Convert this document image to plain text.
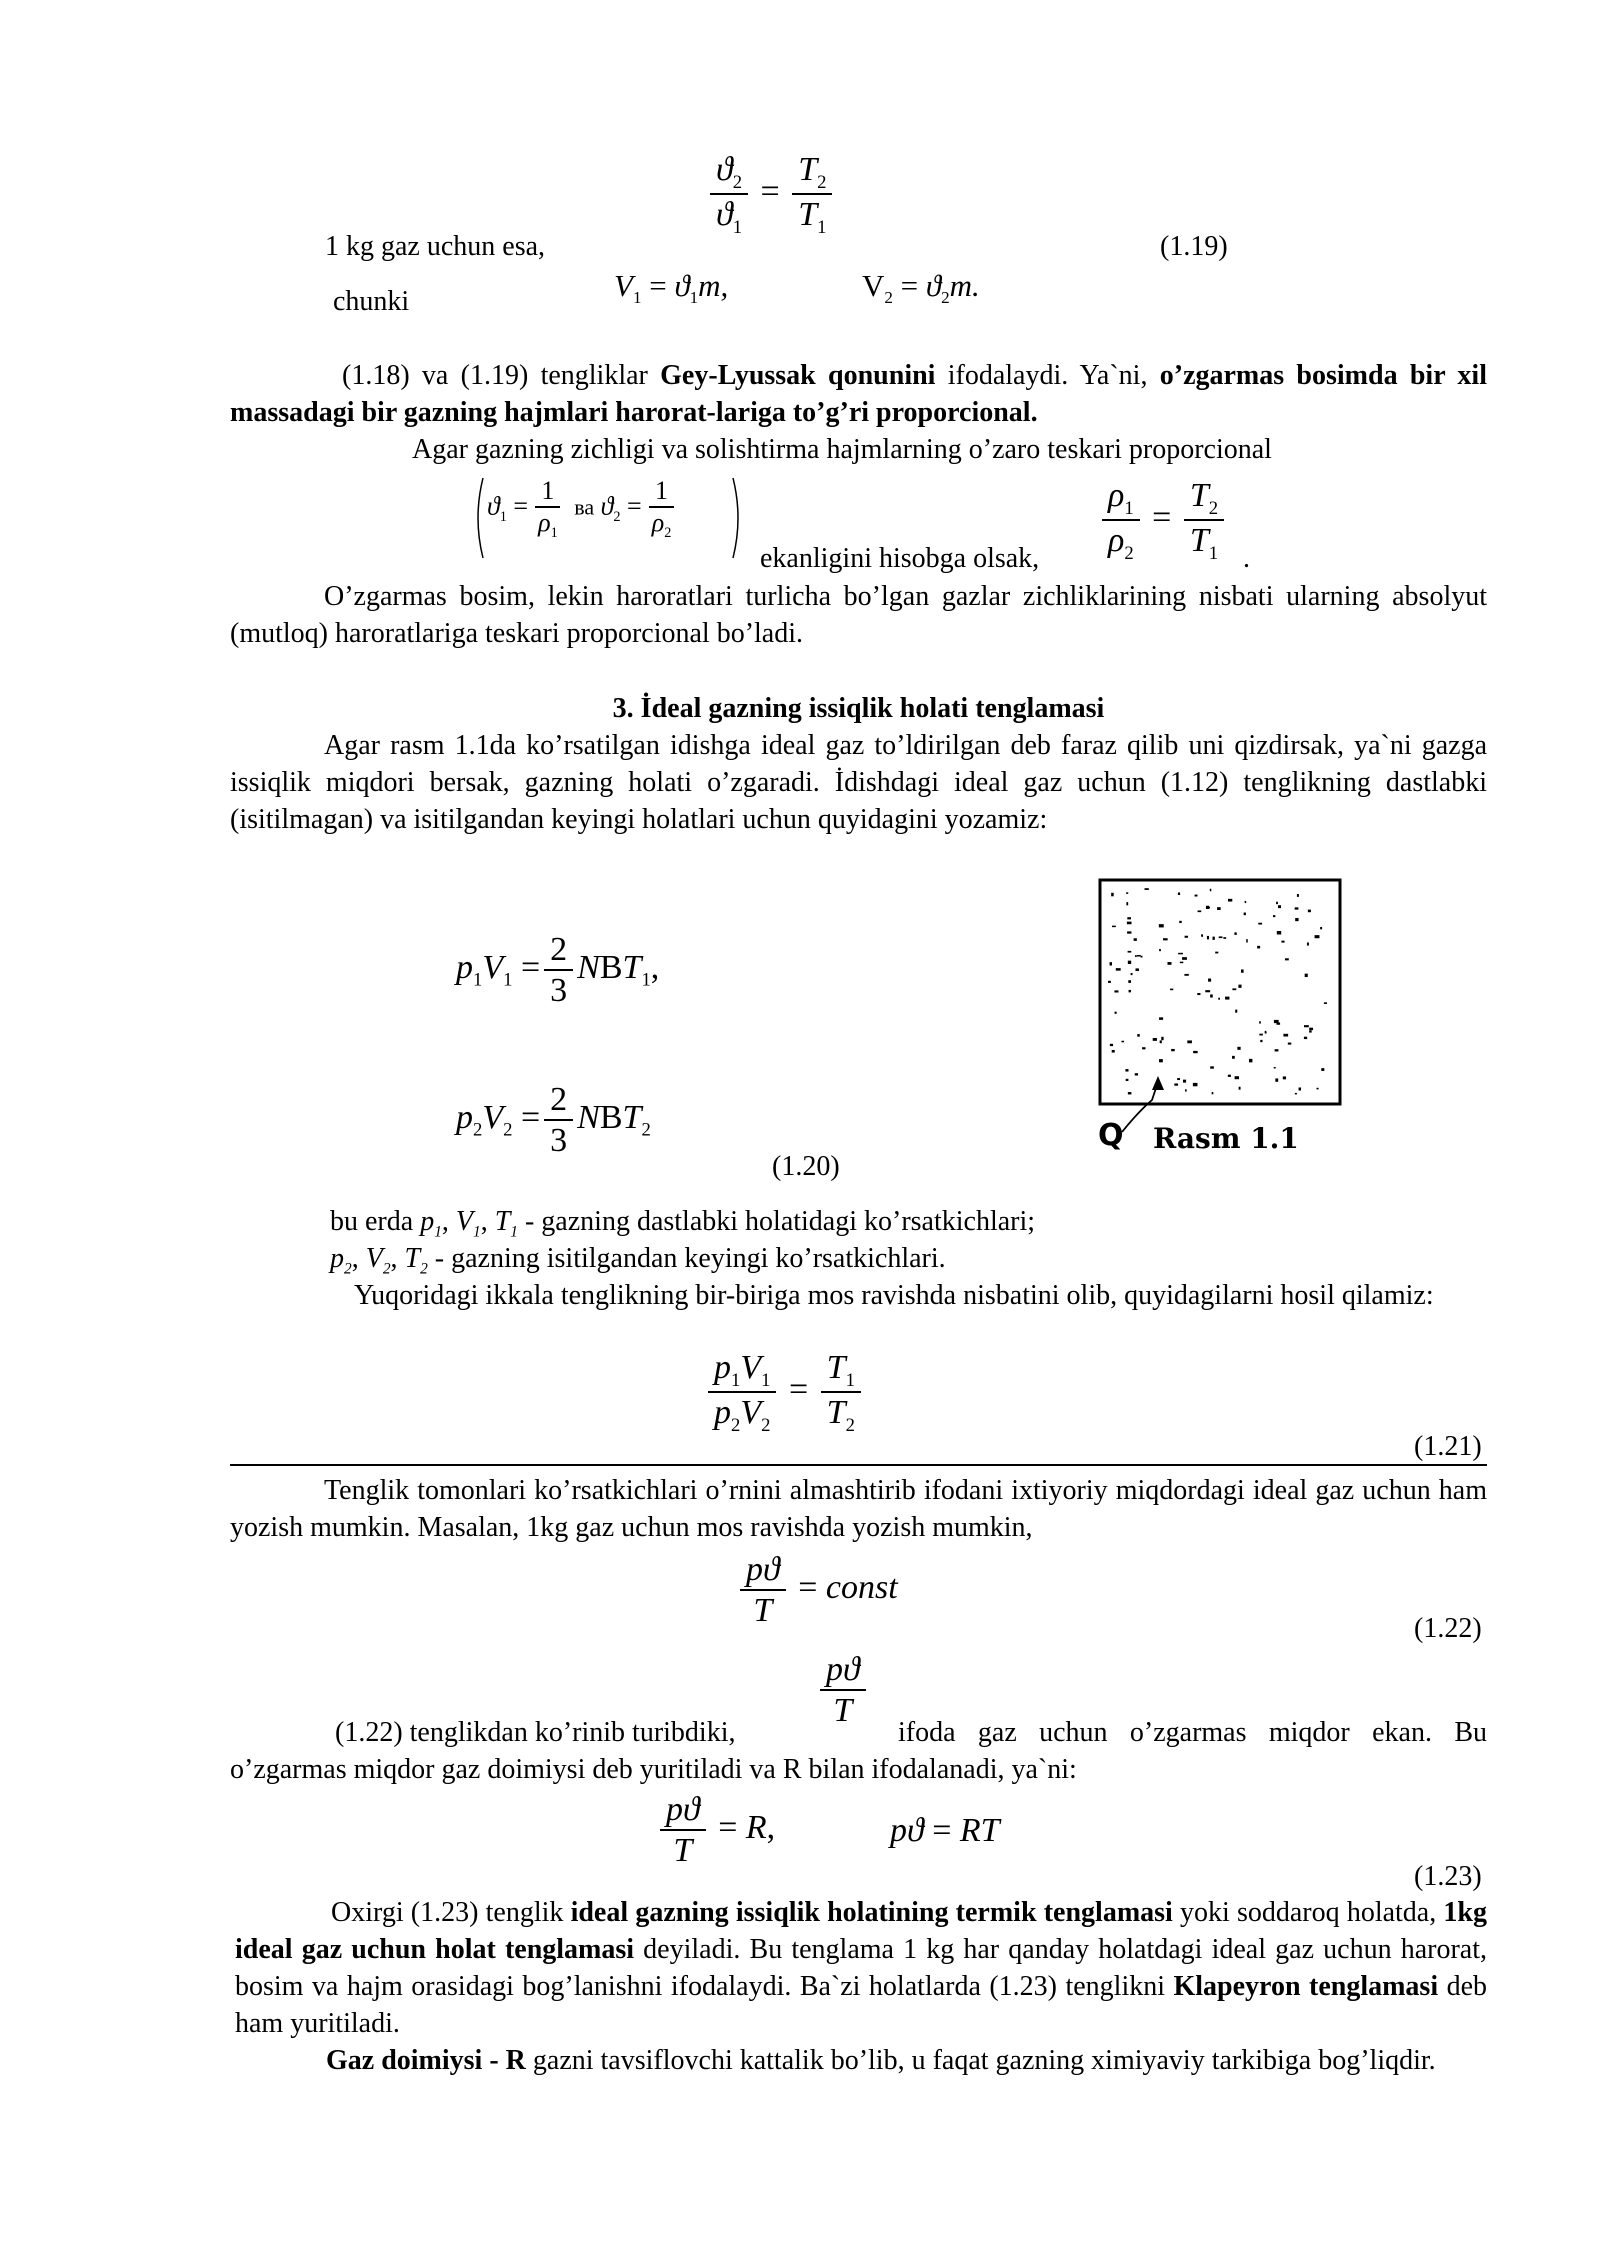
$\frac{ϑ_2}{ϑ_1} = \frac{T_2}{T_1}$
1 kg gaz uchun esa,	(1.19)
chunki	$V_1 = ϑ_1m$,	$V_2 = ϑ_2m$.
(1.18) va (1.19) tengliklar Gey-Lyussak qonunini ifodalaydi. Ya`ni, o’zgarmas bosimda bir xil massadagi bir gazning hajmlari harorat-lariga to’g’ri proporcional.
Agar gazning zichligi va solishtirma hajmlarning o’zaro teskari proporcional
$ϑ_1 = \frac{1}{\rho_1}$ ва $ϑ_2 = \frac{1}{\rho_2}$
ekanligini hisobga olsak, $\frac{\rho_1}{\rho_2} = \frac{T_2}{T_1}$ .
O’zgarmas bosim, lekin haroratlari turlicha bo’lgan gazlar zichliklarining nisbati ularning absolyut (mutloq) haroratlariga teskari proporcional bo’ladi.
3. İdeal gazning issiqlik holati tenglamasi
Agar rasm 1.1da ko’rsatilgan idishga ideal gaz to’ldirilgan deb faraz qilib uni qizdirsak, ya`ni gazga issiqlik miqdori bersak, gazning holati o’zgaradi. İdishdagi ideal gaz uchun (1.12) tenglikning dastlabki (isitilmagan) va isitilgandan keyingi holatlari uchun quyidagini yozamiz:
$p_1V_1 = \frac{2}{3} NBT_1$,
$p_2V_2 = \frac{2}{3} NBT_2$
(1.20)
Q Rasm 1.1
bu erda $p_1$, $V_1$, $T_1$ - gazning dastlabki holatidagi ko’rsatkichlari;
$p_2$, $V_2$, $T_2$ - gazning isitilgandan keyingi ko’rsatkichlari.
Yuqoridagi ikkala tenglikning bir-biriga mos ravishda nisbatini olib, quyidagilarni hosil qilamiz:
$\frac{p_1V_1}{p_2V_2} = \frac{T_1}{T_2}$
(1.21)
Tenglik tomonlari ko’rsatkichlari o’rnini almashtirib ifodani ixtiyoriy miqdordagi ideal gaz uchun ham yozish mumkin. Masalan, 1kg gaz uchun mos ravishda yozish mumkin,
$\frac{pϑ}{T}$ = const
(1.22)
$\frac{pϑ}{T}$
(1.22) tenglikdan ko’rinib turibdiki,	ifoda gaz uchun o’zgarmas miqdor ekan. Bu o’zgarmas miqdor gaz doimiysi deb yuritiladi va R bilan ifodalanadi, ya`ni:
$\frac{pϑ}{T} = R$,	pϑ = RT
(1.23)
Oxirgi (1.23) tenglik ideal gazning issiqlik holatining termik tenglamasi yoki soddaroq holatda, 1kg ideal gaz uchun holat tenglamasi deyiladi. Bu tenglama 1 kg har qanday holatdagi ideal gaz uchun harorat, bosim va hajm orasidagi bog’lanishni ifodalaydi. Ba`zi holatlarda (1.23) tenglikni Klapeyron tenglamasi deb ham yuritiladi.
Gaz doimiysi - R gazni tavsiflovchi kattalik bo’lib, u faqat gazning ximiyaviy tarkibiga bog’liqdir.
